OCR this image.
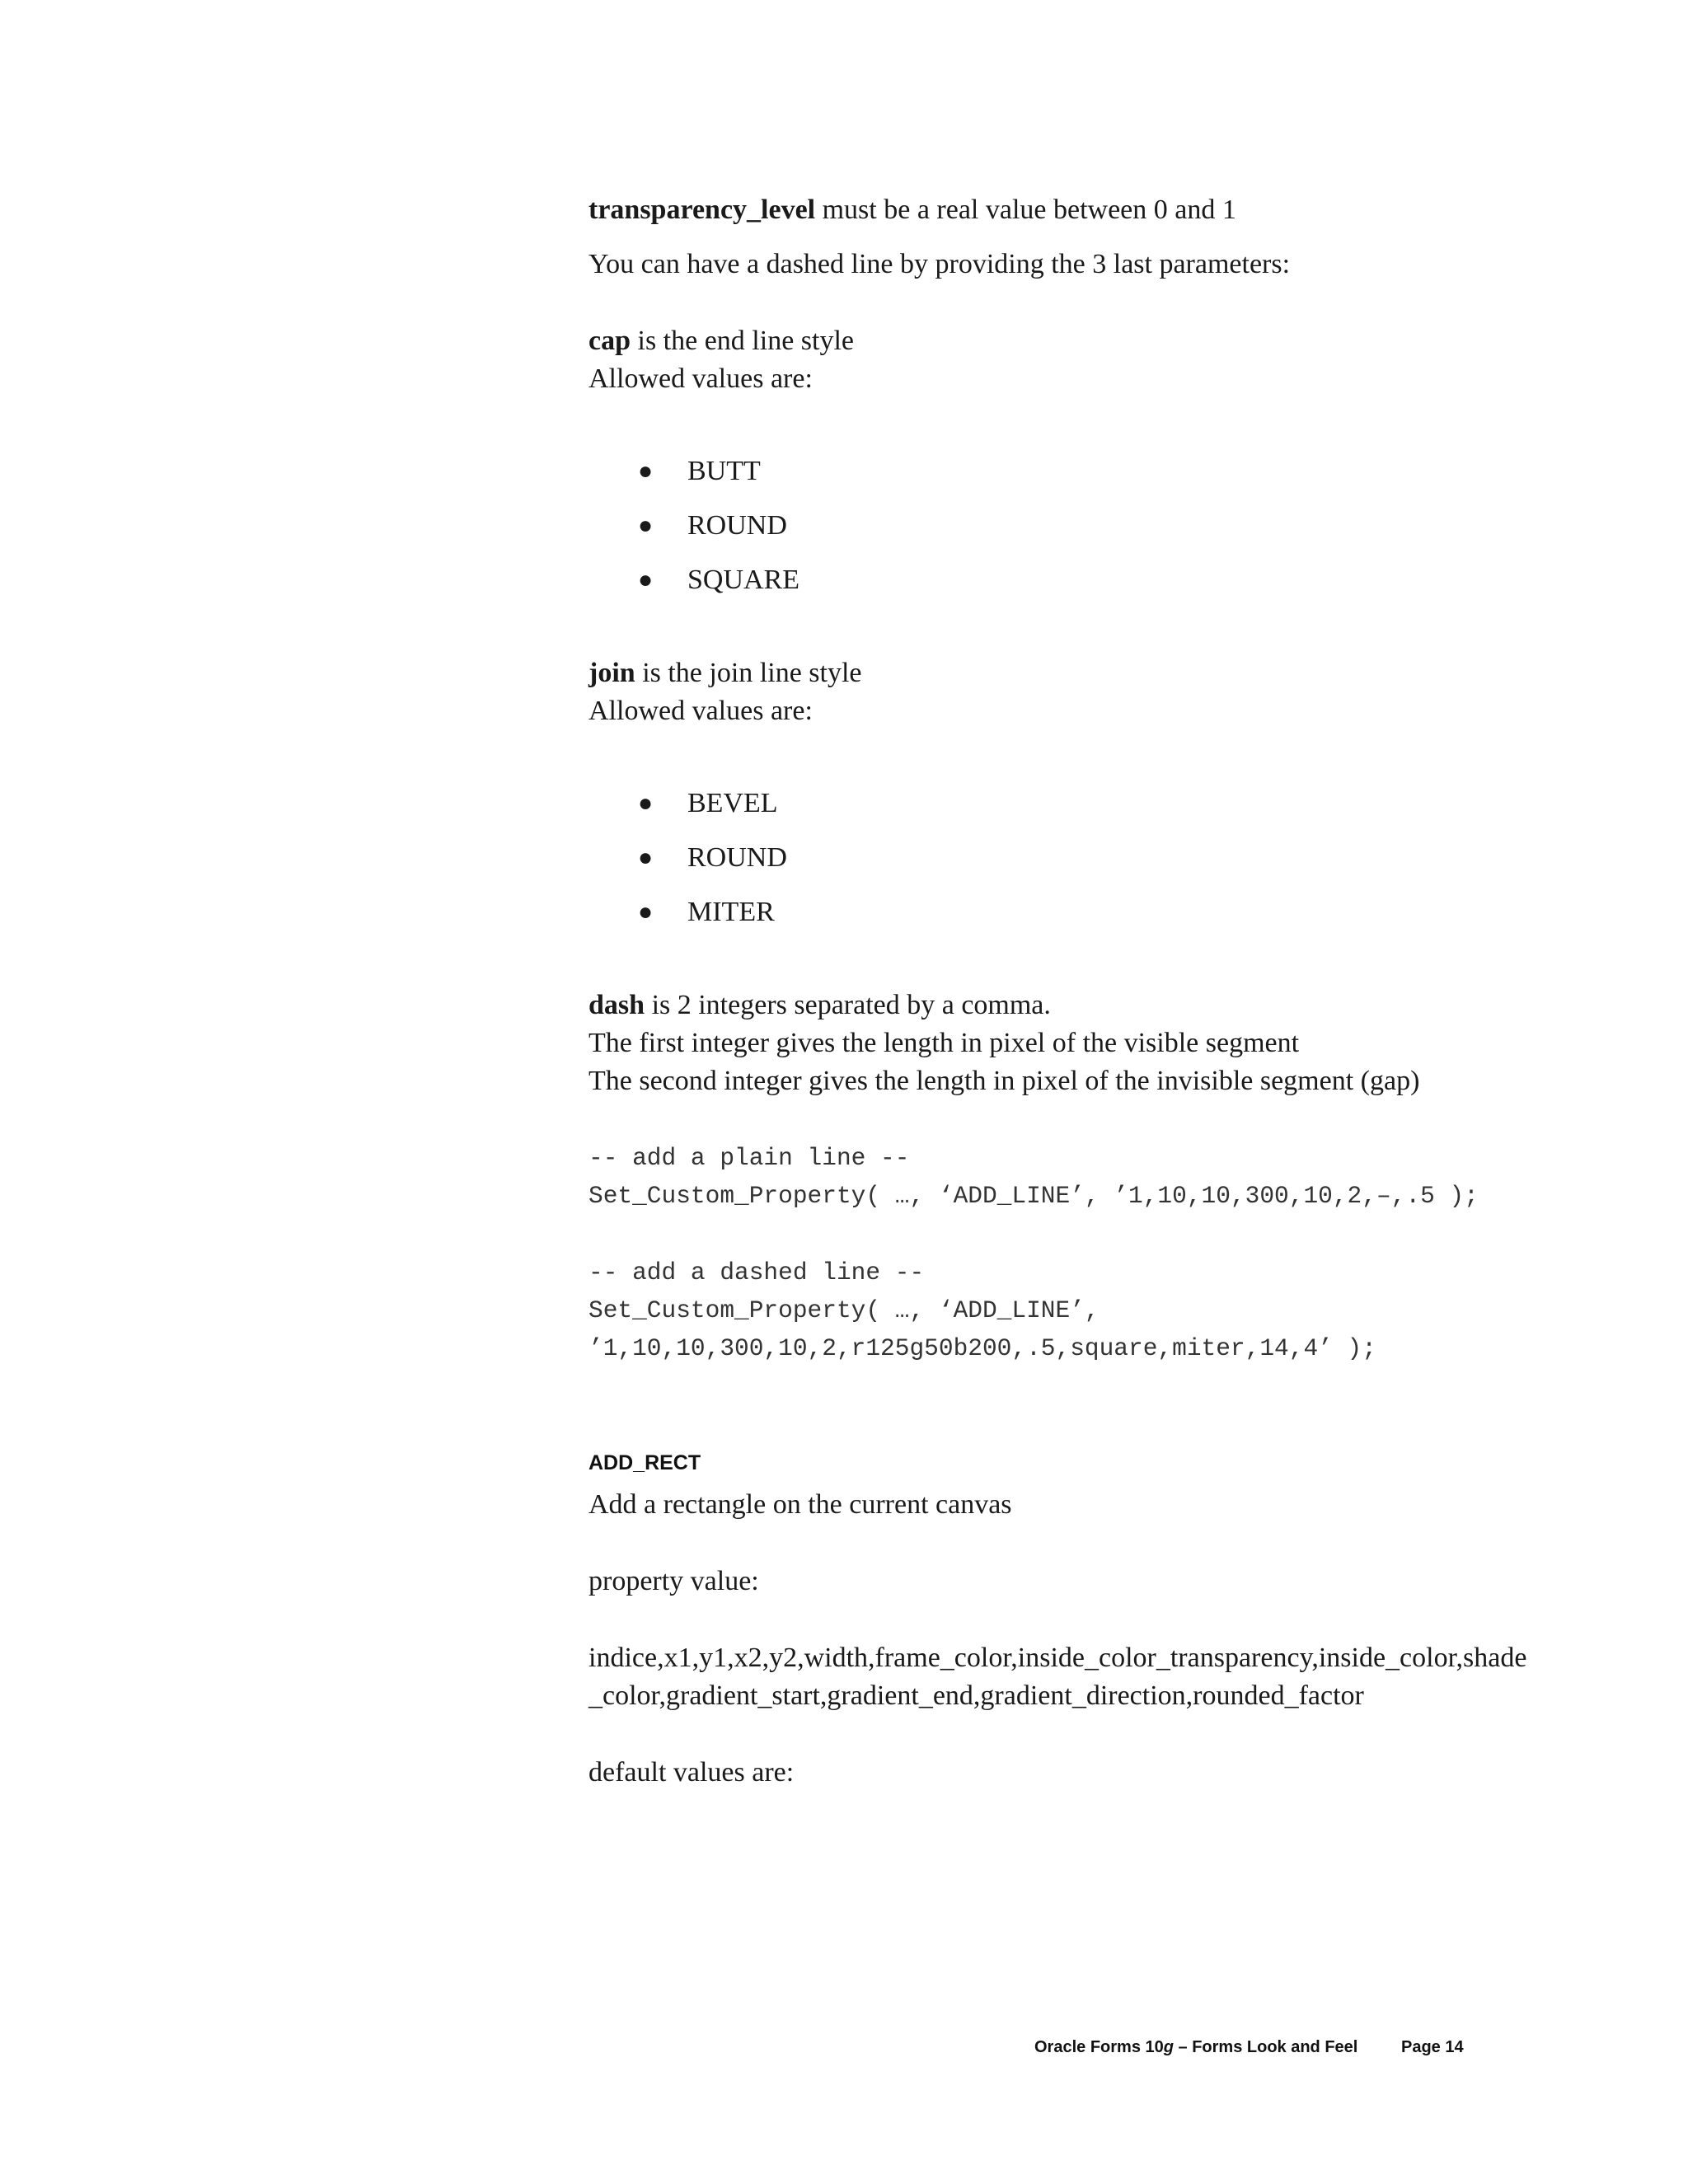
transparency_level must be a real value between 0 and 1
You can have a dashed line by providing the 3 last parameters:
cap is the end line style
Allowed values are:
● BUTT
● ROUND
● SQUARE
join is the join line style
Allowed values are:
● BEVEL
● ROUND
● MITER
dash is 2 integers separated by a comma.
The first integer gives the length in pixel of the visible segment
The second integer gives the length in pixel of the invisible segment (gap)
-- add a plain line --
Set_Custom_Property( …, ‘ADD_LINE’, ’1,10,10,300,10,2,–,.5 );
-- add a dashed line --
Set_Custom_Property( …, ‘ADD_LINE’,
’1,10,10,300,10,2,r125g50b200,.5,square,miter,14,4’ );
ADD_RECT
Add a rectangle on the current canvas
property value:
indice,x1,y1,x2,y2,width,frame_color,inside_color_transparency,inside_color,shade
_color,gradient_start,gradient_end,gradient_direction,rounded_factor
default values are:
Oracle Forms 10g – Forms Look and Feel	Page 14
